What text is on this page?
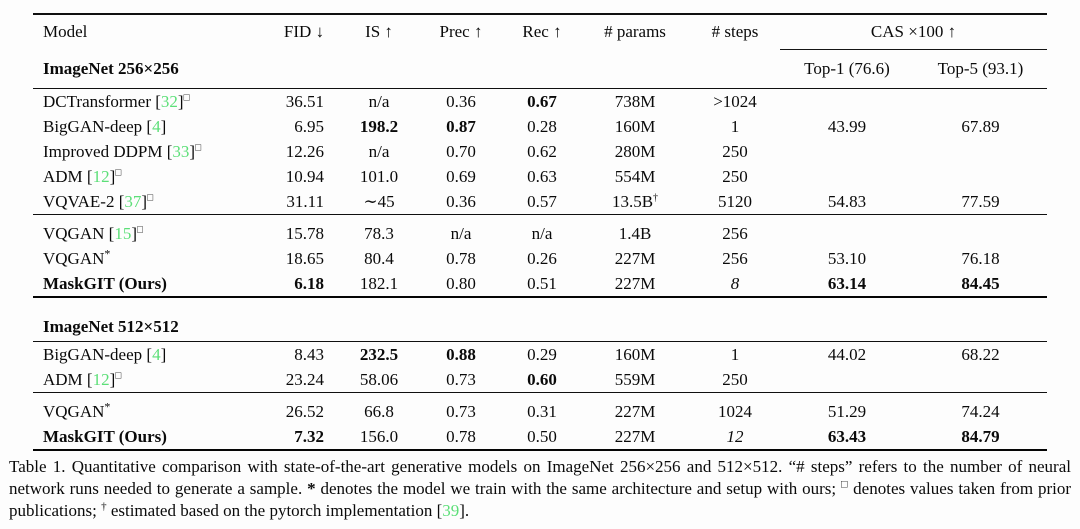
Model	FID ↓	IS ↑	Prec ↑	Rec ↑	# params	# steps	CAS ×100 ↑	
ImageNet 256×256							Top-1 (76.6)	Top-5 (93.1)
DCTransformer [32]□	36.51	n/a	0.36	0.67	738M	>1024		
BigGAN-deep [4]	6.95	198.2	0.87	0.28	160M	1	43.99	67.89
Improved DDPM [33]□	12.26	n/a	0.70	0.62	280M	250		
ADM [12]□	10.94	101.0	0.69	0.63	554M	250		
VQVAE-2 [37]□	31.11	∼45	0.36	0.57	13.5B†	5120	54.83	77.59
VQGAN [15]□	15.78	78.3	n/a	n/a	1.4B	256		
VQGAN*	18.65	80.4	0.78	0.26	227M	256	53.10	76.18
MaskGIT (Ours)	6.18	182.1	0.80	0.51	227M	8	63.14	84.45
ImageNet 512×512								
BigGAN-deep [4]	8.43	232.5	0.88	0.29	160M	1	44.02	68.22
ADM [12]□	23.24	58.06	0.73	0.60	559M	250		
VQGAN*	26.52	66.8	0.73	0.31	227M	1024	51.29	74.24
MaskGIT (Ours)	7.32	156.0	0.78	0.50	227M	12	63.43	84.79
Table 1. Quantitative comparison with state-of-the-art generative models on ImageNet 256×256 and 512×512. “# steps” refers to the number of neural network runs needed to generate a sample. * denotes the model we train with the same architecture and setup with ours; □ denotes values taken from prior publications; † estimated based on the pytorch implementation [39].
